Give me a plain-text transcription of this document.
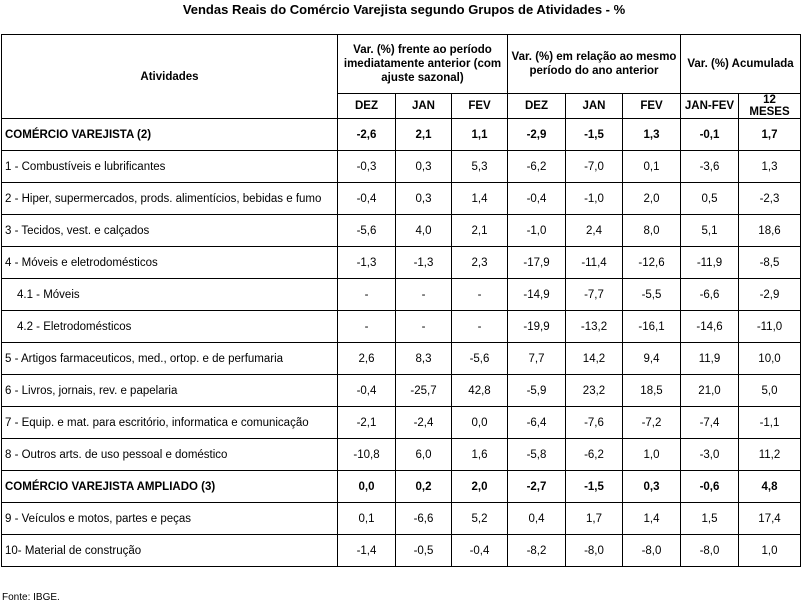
Vendas Reais do Comércio Varejista segundo Grupos de Atividades - %
Atividades	Var. (%) frente ao período imediatamente anterior (com ajuste sazonal)			Var. (%) em relação ao mesmo período do ano anterior			Var. (%) Acumulada	
	DEZ	JAN	FEV	DEZ	JAN	FEV	JAN-FEV	12 MESES
COMÉRCIO VAREJISTA (2)	-2,6	2,1	1,1	-2,9	-1,5	1,3	-0,1	1,7
1 - Combustíveis e lubrificantes	-0,3	0,3	5,3	-6,2	-7,0	0,1	-3,6	1,3
2 - Hiper, supermercados, prods. alimentícios, bebidas e fumo	-0,4	0,3	1,4	-0,4	-1,0	2,0	0,5	-2,3
3 - Tecidos, vest. e calçados	-5,6	4,0	2,1	-1,0	2,4	8,0	5,1	18,6
4 - Móveis e eletrodomésticos	-1,3	-1,3	2,3	-17,9	-11,4	-12,6	-11,9	-8,5
4.1 - Móveis	-	-	-	-14,9	-7,7	-5,5	-6,6	-2,9
4.2 - Eletrodomésticos	-	-	-	-19,9	-13,2	-16,1	-14,6	-11,0
5 - Artigos farmaceuticos, med., ortop. e de perfumaria	2,6	8,3	-5,6	7,7	14,2	9,4	11,9	10,0
6 - Livros, jornais, rev. e papelaria	-0,4	-25,7	42,8	-5,9	23,2	18,5	21,0	5,0
7 - Equip. e mat. para escritório, informatica e comunicação	-2,1	-2,4	0,0	-6,4	-7,6	-7,2	-7,4	-1,1
8 - Outros arts. de uso pessoal e doméstico	-10,8	6,0	1,6	-5,8	-6,2	1,0	-3,0	11,2
COMÉRCIO VAREJISTA AMPLIADO (3)	0,0	0,2	2,0	-2,7	-1,5	0,3	-0,6	4,8
9 - Veículos e motos, partes e peças	0,1	-6,6	5,2	0,4	1,7	1,4	1,5	17,4
10- Material de construção	-1,4	-0,5	-0,4	-8,2	-8,0	-8,0	-8,0	1,0
Fonte: IBGE.
